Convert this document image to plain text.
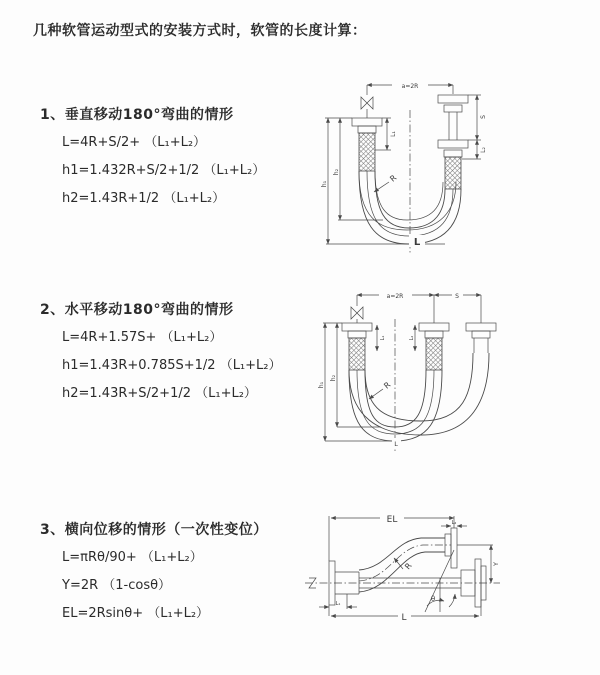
几种软管运动型式的安装方式时，软管的长度计算：
1、垂直移动180°弯曲的情形
L=4R+S/2+ （L₁+L₂）
h1=1.432R+S/2+1/2 （L₁+L₂）
h2=1.43R+1/2 （L₁+L₂）
a=2R
L₁
S
L₂
h₁
h₂
R
L
2、水平移动180°弯曲的情形
L=4R+1.57S+ （L₁+L₂）
h1=1.43R+0.785S+1/2 （L₁+L₂）
h2=1.43R+S/2+1/2 （L₁+L₂）
a=2R	S
L₁	L₂
h₁
h₂
R
L
3、横向位移的情形（一次性变位）
L=πRθ/90+ （L₁+L₂）
Y=2R （1-cosθ）
EL=2Rsinθ+ （L₁+L₂）
EL	L₂
Y
θ
R
L₁
L
